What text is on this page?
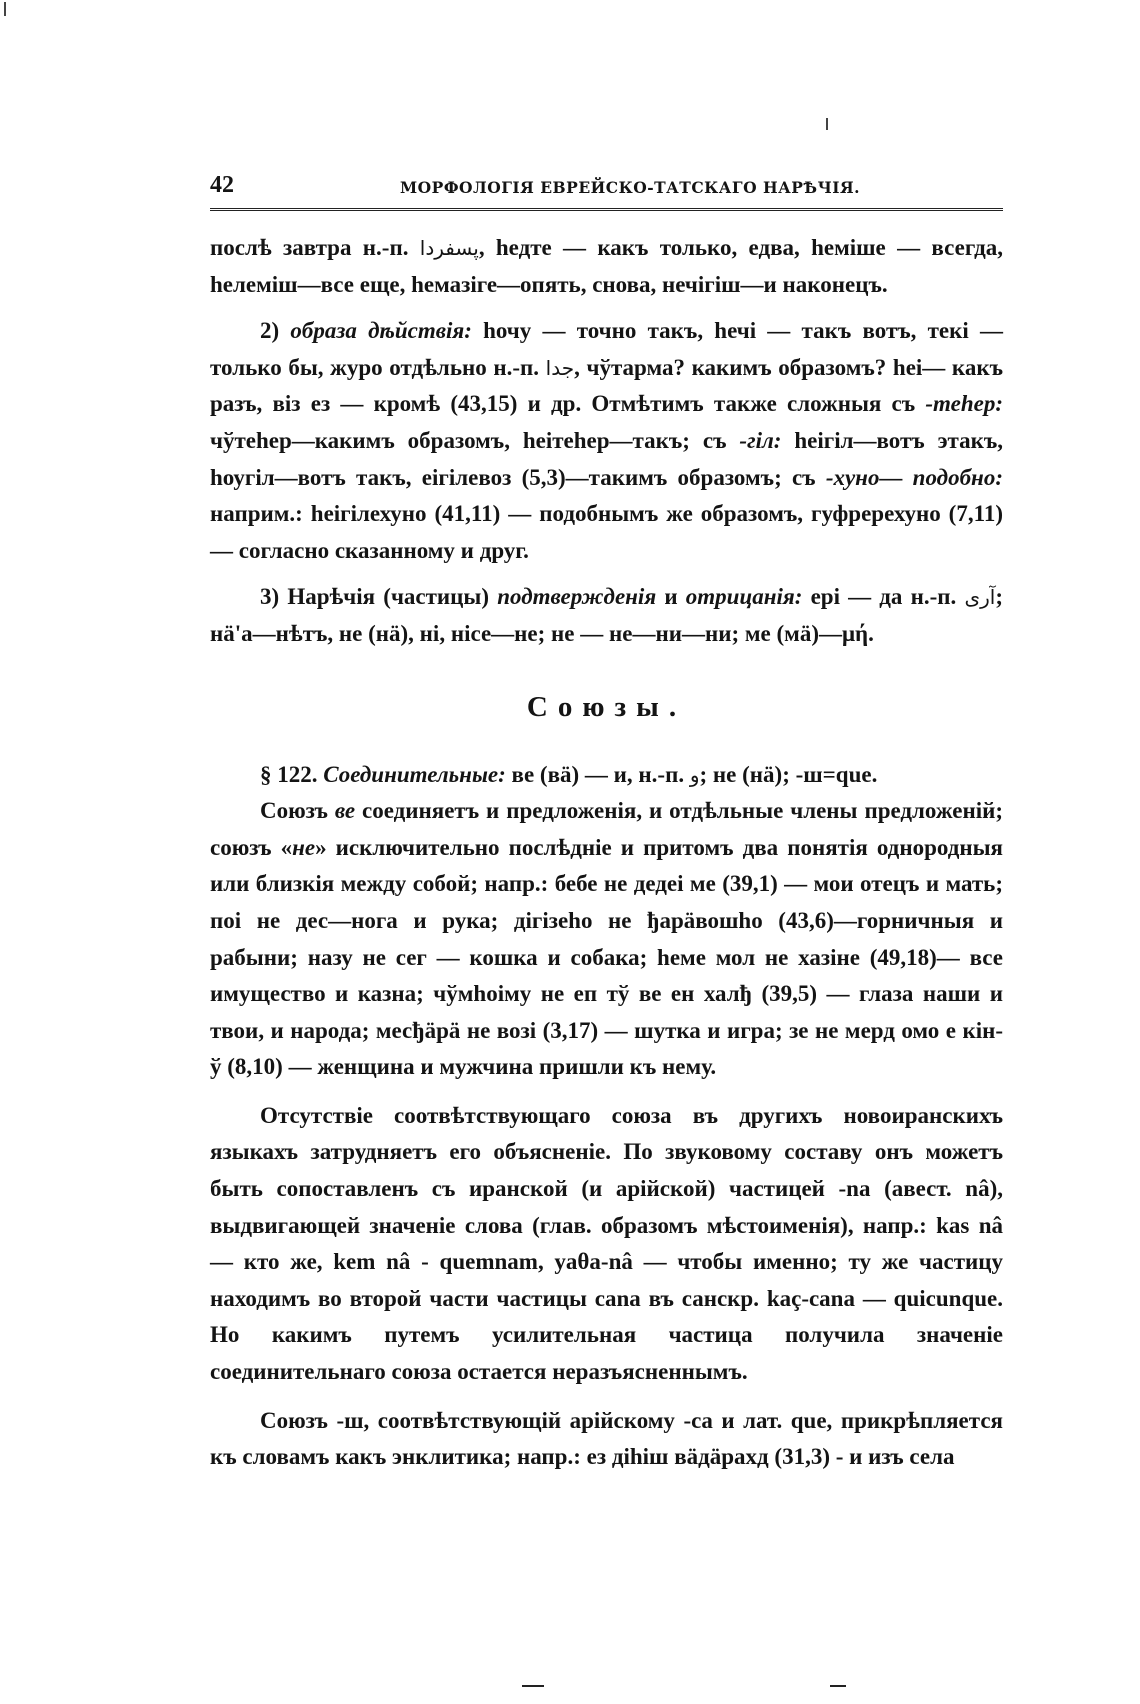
42	МОРФОЛОГІЯ ЕВРЕЙСКО-ТАТСКАГО НАРѢЧІЯ.

послѣ завтра н.-п. پسفردا, hедте — какъ только, едва, hемiше — всегда, hелемiш—все еще, hемазiге—опять, снова, нечiгiш—и наконецъ.

2) образа дѣйствія: hочу — точно такъ, hечi — такъ вотъ, текi — только бы, журо отдѣльно н.-п. جدا, чўтарма? какимъ образомъ? hеi— какъ разъ, вiз ез — кромѣ (43,15) и др. Отмѣтимъ также сложныя съ -теhер: чўтеhер—какимъ образомъ, hеiтеhер—такъ; съ -гiл: hеiгiл—вотъ этакъ, hоугiл—вотъ такъ, еiгiлевоз (5,3)—такимъ образомъ; съ -хуно— подобно: наприм.: hеiгiлехуно (41,11) — подобнымъ же образомъ, гуфререхуно (7,11) — согласно сказанному и друг.

3) Нарѣчія (частицы) подтвержденія и отрицанія: ерi — да н.-п. آرى; нä'а—нѣтъ, не (нä), нi, нiсе—не; не — не—ни—ни; ме (мä)—μή.

Союзы.

§ 122. Соединительные: ве (вä) — и, н.-п. و; не (нä); -ш=que.

Союзъ ве соединяетъ и предложенія, и отдѣльные члены предложеній; союзъ «не» исключительно послѣднiе и притомъ два понятія однородныя или близкія между собой; напр.: бебе не дедеi ме (39,1) — мои отецъ и мать; поi не дес—нога и рука; дiгiзеhо не ђарäвошhо (43,6)—горничныя и рабыни; назу не сег — кошка и собака; hеме мол не хазiне (49,18)— все имущество и казна; чўмhоiму не еп тў ве ен халђ (39,5) — глаза наши и твои, и народа; месђäрä не возi (3,17) — шутка и игра; зе не мерд омо е кiн-ў (8,10) — женщина и мужчина пришли къ нему.

Отсутствіе соотвѣтствующаго союза въ другихъ новоиранскихъ языкахъ затрудняетъ его объясненіе. По звуковому составу онъ можетъ быть сопоставленъ съ иранской (и арійской) частицей -na (авест. nâ), выдвигающей значеніе слова (глав. образомъ мѣстоименія), напр.: kas nâ — кто же, kem nâ - quemnam, yaθa-nâ — чтобы именно; ту же частицу находимъ во второй части частицы cana въ санскр. kaç-cana — quicunque. Но какимъ путемъ усилительная частица получила значеніе соединительнаго союза остается неразъясненнымъ.

Союзъ -ш, соотвѣтствующій арійскому -ca и лат. que, прикрѣпляется къ словамъ какъ энклитика; напр.: ез дihiш вäдäрахд (31,3) - и изъ села
